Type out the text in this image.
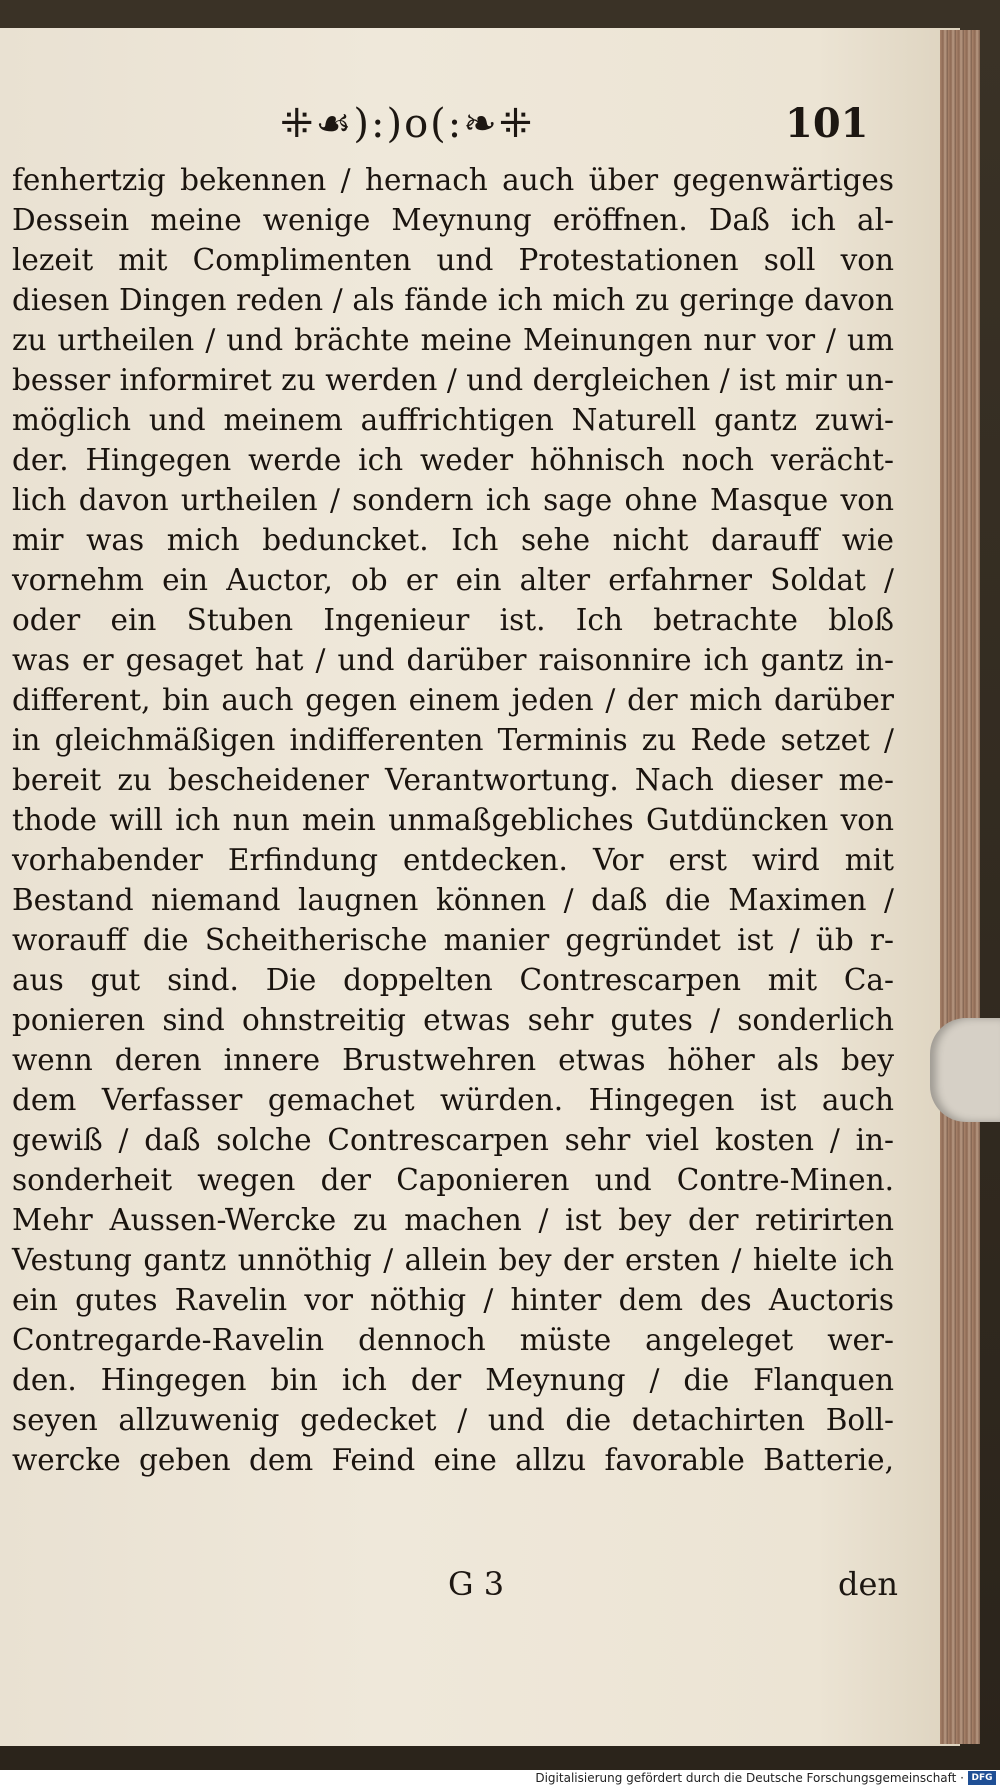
⁜☙):)o(:❧⁜	101
fenhertzig bekennen / hernach auch über gegenwärtiges
Dessein meine wenige Meynung eröffnen. Daß ich al-
lezeit mit Complimenten und Protestationen soll von
diesen Dingen reden / als fände ich mich zu geringe davon
zu urtheilen / und brächte meine Meinungen nur vor / um
besser informiret zu werden / und dergleichen / ist mir un-
möglich und meinem auffrichtigen Naturell gantz zuwi-
der. Hingegen werde ich weder höhnisch noch verächt-
lich davon urtheilen / sondern ich sage ohne Masque von
mir was mich beduncket. Ich sehe nicht darauff wie
vornehm ein Auctor, ob er ein alter erfahrner Soldat /
oder ein Stuben Ingenieur ist. Ich betrachte bloß
was er gesaget hat / und darüber raisonnire ich gantz in-
different, bin auch gegen einem jeden / der mich darüber
in gleichmäßigen indifferenten Terminis zu Rede setzet /
bereit zu bescheidener Verantwortung. Nach dieser me-
thode will ich nun mein unmaßgebliches Gutdüncken von
vorhabender Erfindung entdecken. Vor erst wird mit
Bestand niemand laugnen können / daß die Maximen /
worauff die Scheitherische manier gegründet ist / üb r-
aus gut sind. Die doppelten Contrescarpen mit Ca-
ponieren sind ohnstreitig etwas sehr gutes / sonderlich
wenn deren innere Brustwehren etwas höher als bey
dem Verfasser gemachet würden. Hingegen ist auch
gewiß / daß solche Contrescarpen sehr viel kosten / in-
sonderheit wegen der Caponieren und Contre-Minen.
Mehr Aussen-Wercke zu machen / ist bey der retirirten
Vestung gantz unnöthig / allein bey der ersten / hielte ich
ein gutes Ravelin vor nöthig / hinter dem des Auctoris
Contregarde-Ravelin dennoch müste angeleget wer-
den. Hingegen bin ich der Meynung / die Flanquen
seyen allzuwenig gedecket / und die detachirten Boll-
wercke geben dem Feind eine allzu favorable Batterie,
G 3	den
Digitalisierung gefördert durch die Deutsche Forschungsgemeinschaft · DFG
